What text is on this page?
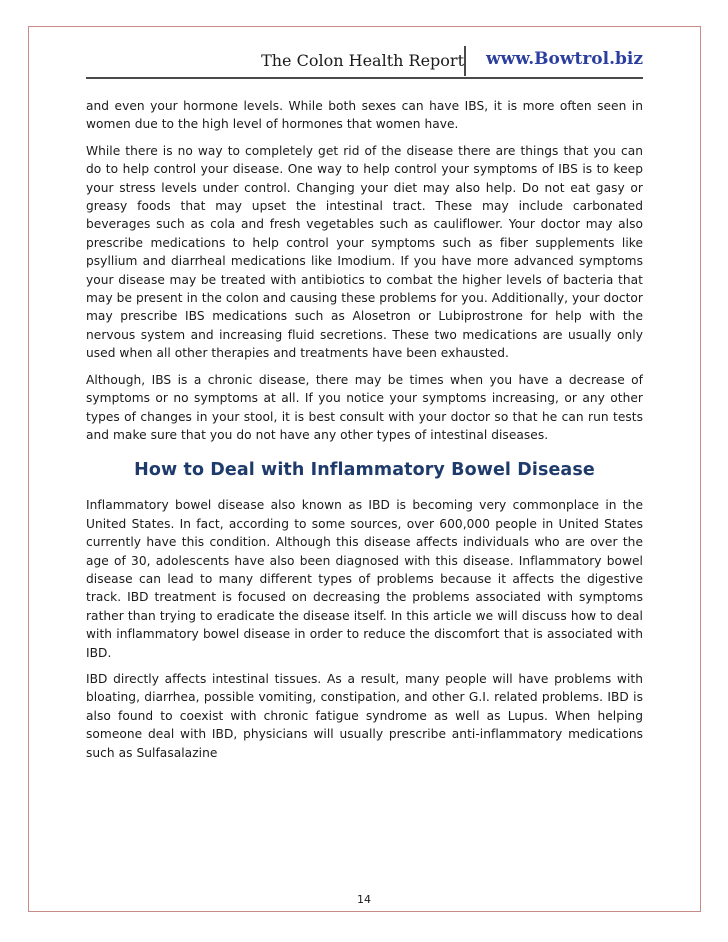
The Colon Health Report www.Bowtrol.biz

and even your hormone levels. While both sexes can have IBS, it is more often seen in women due to the high level of hormones that women have.

While there is no way to completely get rid of the disease there are things that you can do to help control your disease. One way to help control your symptoms of IBS is to keep your stress levels under control. Changing your diet may also help. Do not eat gasy or greasy foods that may upset the intestinal tract. These may include carbonated beverages such as cola and fresh vegetables such as cauliflower. Your doctor may also prescribe medications to help control your symptoms such as fiber supplements like psyllium and diarrheal medications like Imodium. If you have more advanced symptoms your disease may be treated with antibiotics to combat the higher levels of bacteria that may be present in the colon and causing these problems for you. Additionally, your doctor may prescribe IBS medications such as Alosetron or Lubiprostrone for help with the nervous system and increasing fluid secretions. These two medications are usually only used when all other therapies and treatments have been exhausted.

Although, IBS is a chronic disease, there may be times when you have a decrease of symptoms or no symptoms at all. If you notice your symptoms increasing, or any other types of changes in your stool, it is best consult with your doctor so that he can run tests and make sure that you do not have any other types of intestinal diseases.

How to Deal with Inflammatory Bowel Disease

Inflammatory bowel disease also known as IBD is becoming very commonplace in the United States. In fact, according to some sources, over 600,000 people in United States currently have this condition. Although this disease affects individuals who are over the age of 30, adolescents have also been diagnosed with this disease. Inflammatory bowel disease can lead to many different types of problems because it affects the digestive track. IBD treatment is focused on decreasing the problems associated with symptoms rather than trying to eradicate the disease itself. In this article we will discuss how to deal with inflammatory bowel disease in order to reduce the discomfort that is associated with IBD.

IBD directly affects intestinal tissues. As a result, many people will have problems with bloating, diarrhea, possible vomiting, constipation, and other G.I. related problems. IBD is also found to coexist with chronic fatigue syndrome as well as Lupus. When helping someone deal with IBD, physicians will usually prescribe anti-inflammatory medications such as Sulfasalazine

14
